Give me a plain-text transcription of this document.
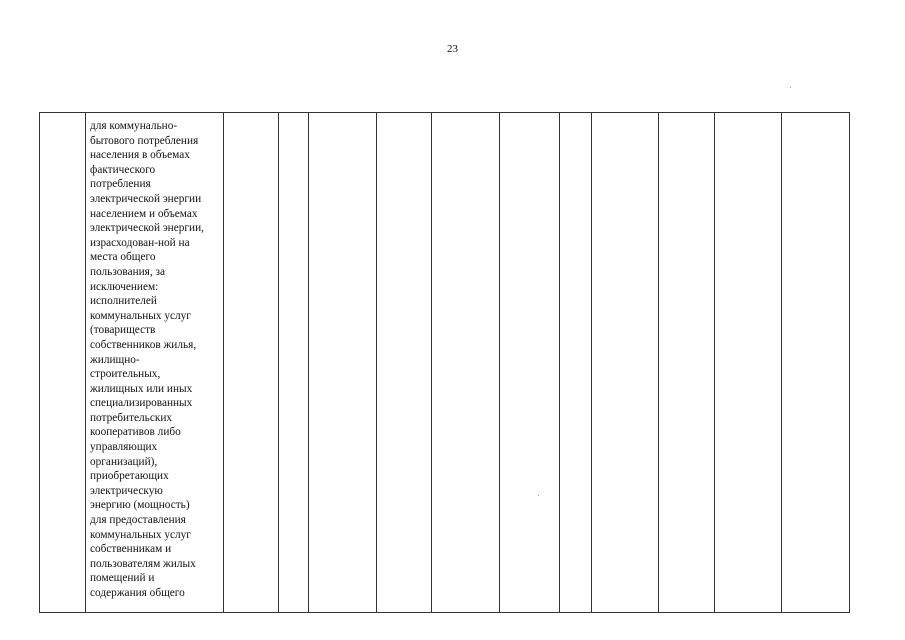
23
	для коммунально-
бытового потребления
населения в объемах
фактического
потребления
электрической энергии
населением и объемах
электрической энергии,
израсходован-ной на
места общего
пользования, за
исключением:
исполнителей
коммунальных услуг
(товариществ
собственников жилья,
жилищно-
строительных,
жилищных или иных
специализированных
потребительских
кооперативов либо
управляющих
организаций),
приобретающих
электрическую
энергию (мощность)
для предоставления
коммунальных услуг
собственникам и
пользователям жилых
помещений и
содержания общего											
